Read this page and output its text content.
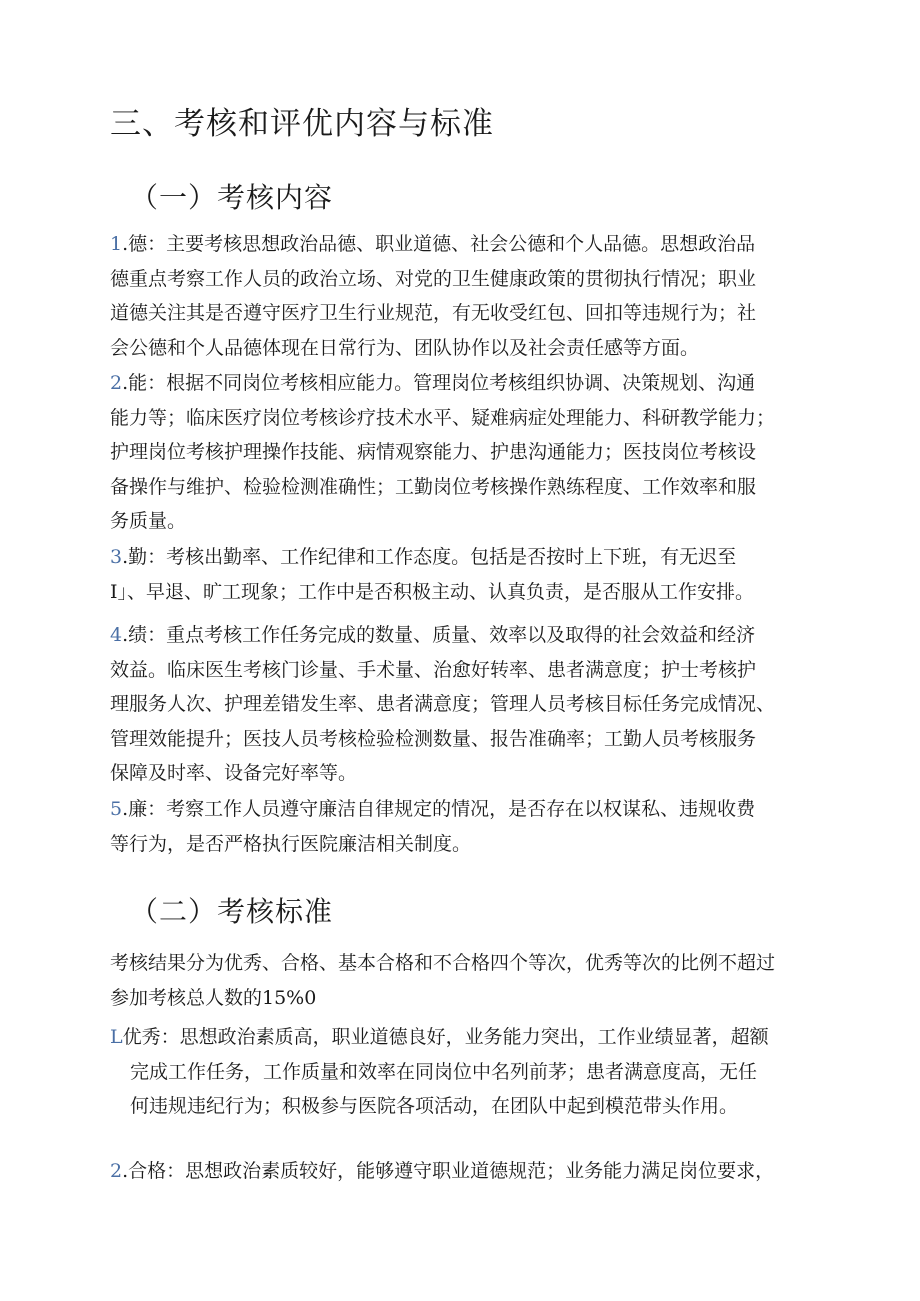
三、考核和评优内容与标准
（一）考核内容
1.德：主要考核思想政治品德、职业道德、社会公德和个人品德。思想政治品
德重点考察工作人员的政治立场、对党的卫生健康政策的贯彻执行情况；职业
道德关注其是否遵守医疗卫生行业规范，有无收受红包、回扣等违规行为；社
会公德和个人品德体现在日常行为、团队协作以及社会责任感等方面。
2.能：根据不同岗位考核相应能力。管理岗位考核组织协调、决策规划、沟通
能力等；临床医疗岗位考核诊疗技术水平、疑难病症处理能力、科研教学能力；
护理岗位考核护理操作技能、病情观察能力、护患沟通能力；医技岗位考核设
备操作与维护、检验检测准确性；工勤岗位考核操作熟练程度、工作效率和服
务质量。
3.勤：考核出勤率、工作纪律和工作态度。包括是否按时上下班，有无迟至
I」、早退、旷工现象；工作中是否积极主动、认真负责，是否服从工作安排。
4.绩：重点考核工作任务完成的数量、质量、效率以及取得的社会效益和经济
效益。临床医生考核门诊量、手术量、治愈好转率、患者满意度；护士考核护
理服务人次、护理差错发生率、患者满意度；管理人员考核目标任务完成情况、
管理效能提升；医技人员考核检验检测数量、报告准确率；工勤人员考核服务
保障及时率、设备完好率等。
5.廉：考察工作人员遵守廉洁自律规定的情况，是否存在以权谋私、违规收费
等行为，是否严格执行医院廉洁相关制度。
（二）考核标准

考核结果分为优秀、合格、基本合格和不合格四个等次，优秀等次的比例不超过
参加考核总人数的15%0

L优秀：思想政治素质高，职业道德良好，业务能力突出，工作业绩显著，超额
完成工作任务，工作质量和效率在同岗位中名列前茅；患者满意度高，无任
何违规违纪行为；积极参与医院各项活动，在团队中起到模范带头作用。
2.合格：思想政治素质较好，能够遵守职业道德规范；业务能力满足岗位要求，
